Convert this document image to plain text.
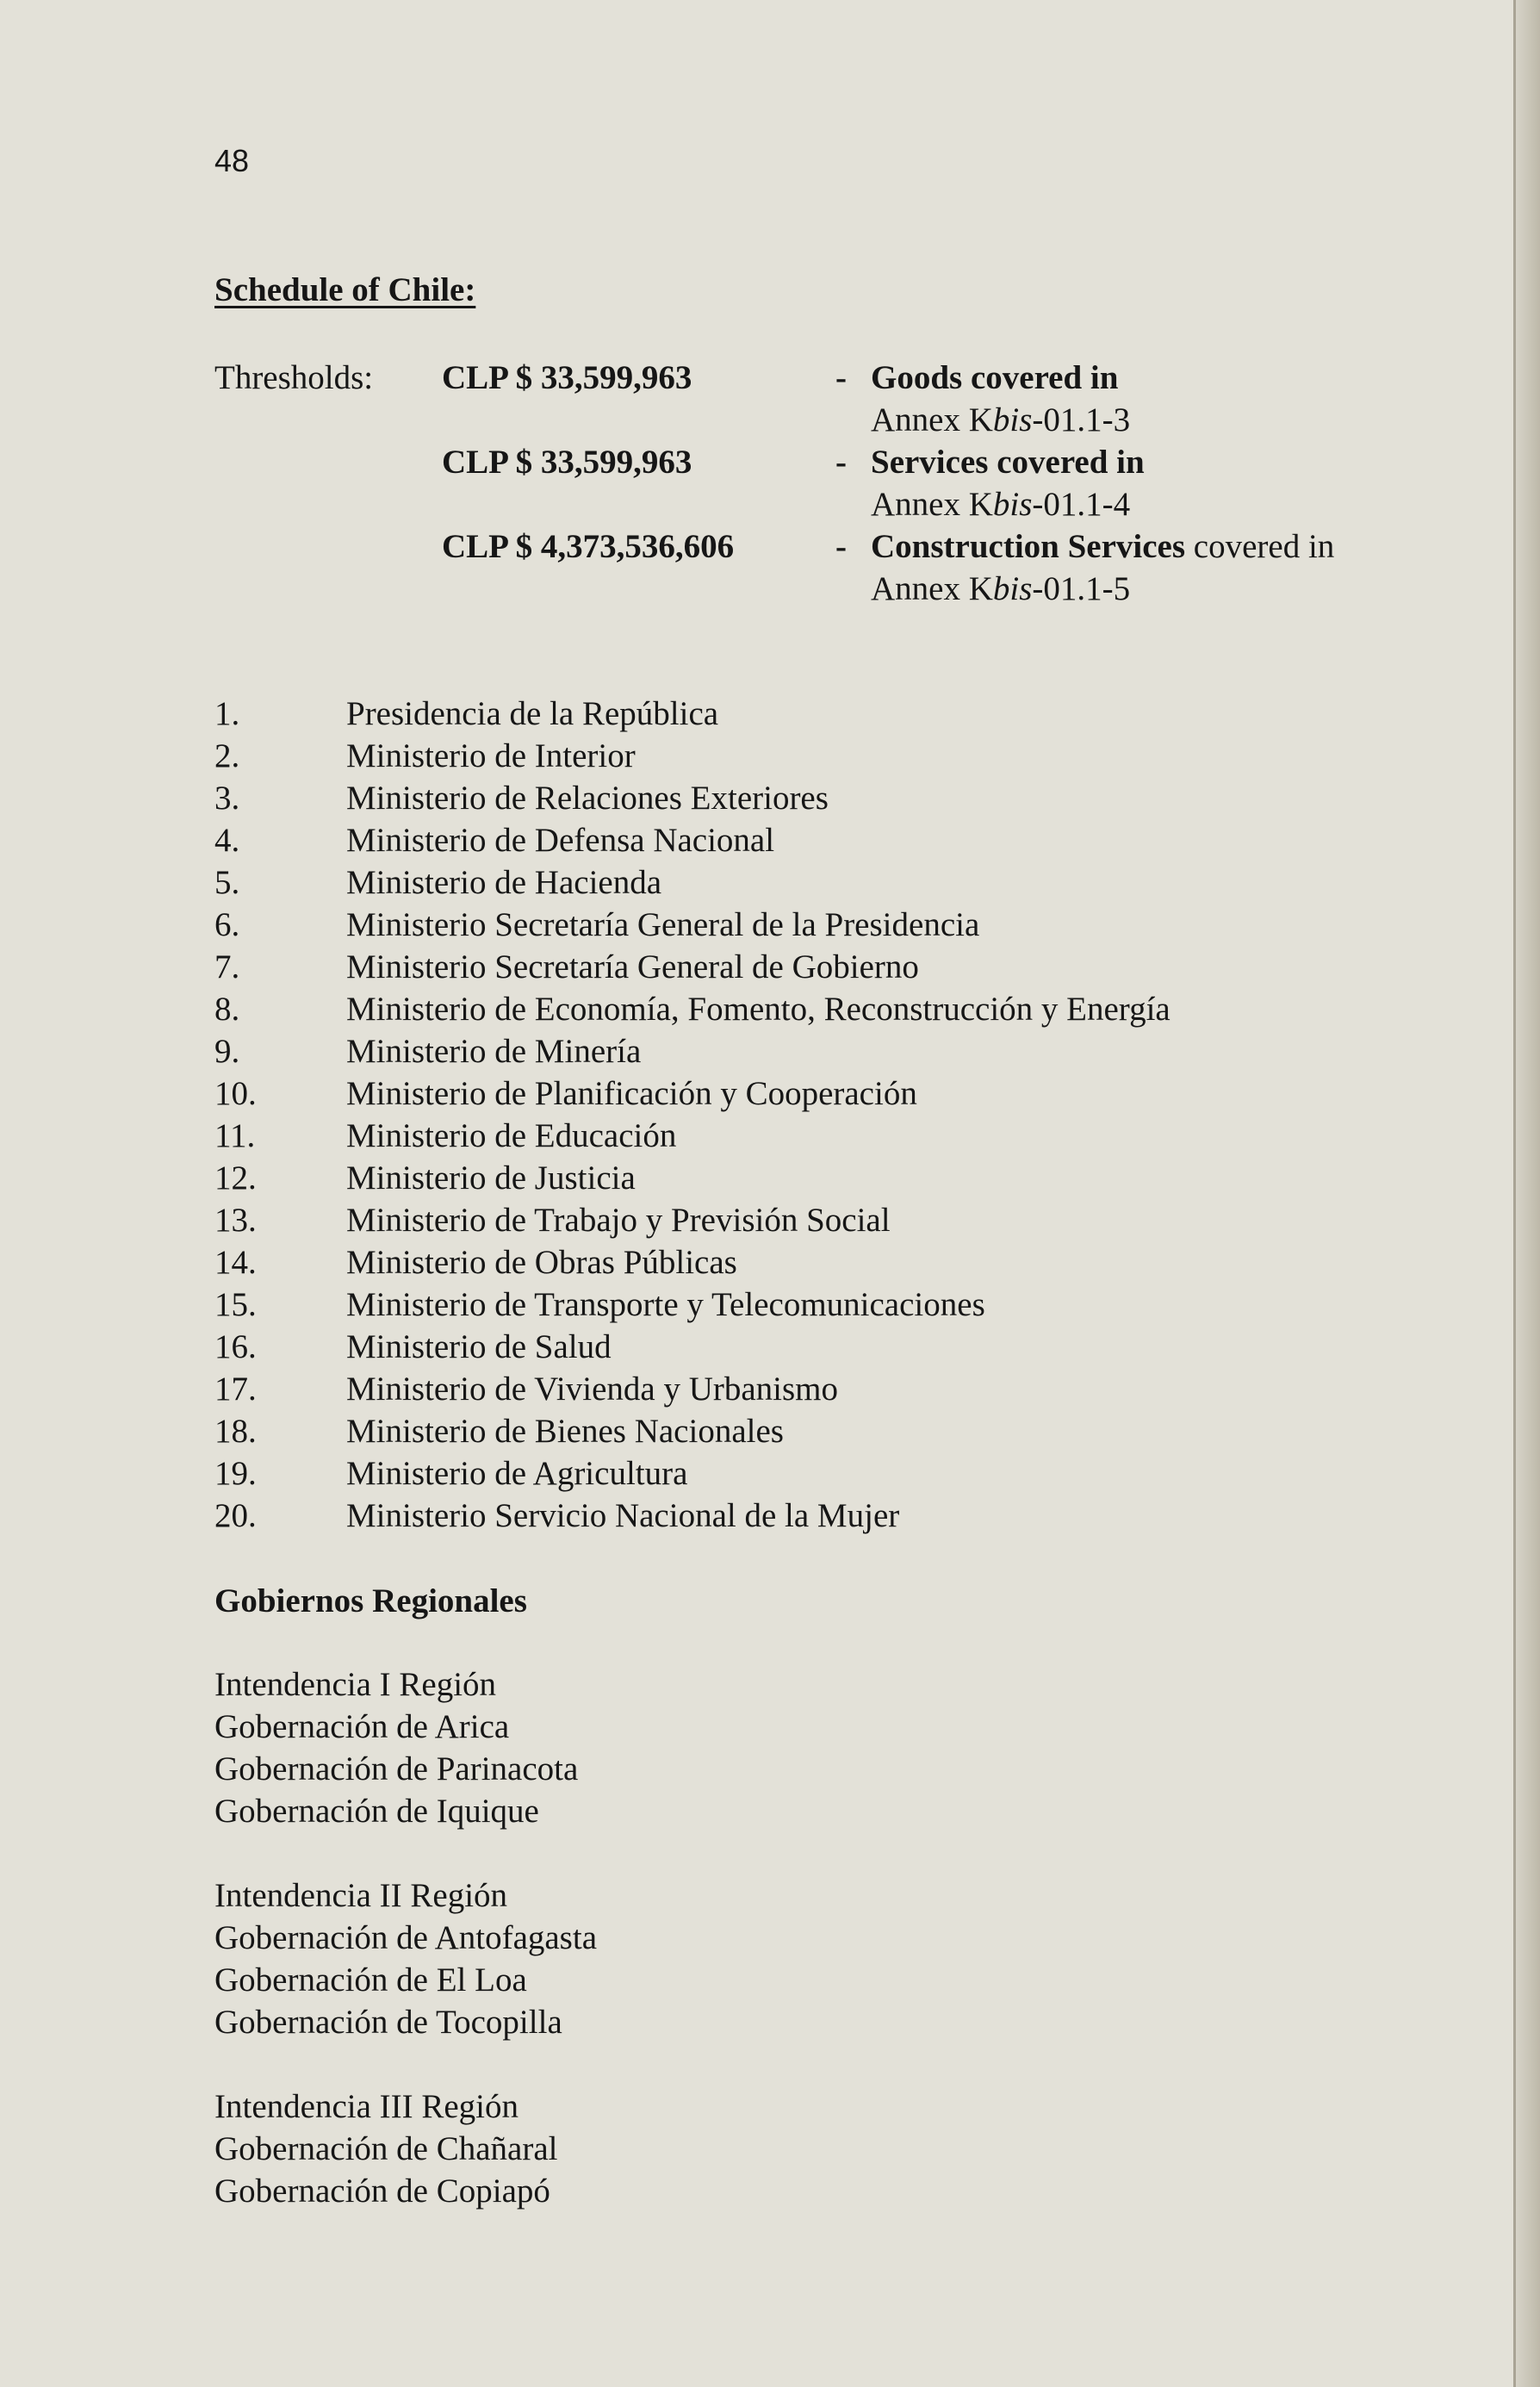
48
Schedule of Chile:
Thresholds: CLP $ 33,599,963	- Goods covered in
Annex Kbis-01.1-3
CLP $ 33,599,963	- Services covered in
Annex Kbis-01.1-4
CLP $ 4,373,536,606	- Construction Services covered in
Annex Kbis-01.1-5
1.	Presidencia de la República
2.	Ministerio de Interior
3.	Ministerio de Relaciones Exteriores
4.	Ministerio de Defensa Nacional
5.	Ministerio de Hacienda
6.	Ministerio Secretaría General de la Presidencia
7.	Ministerio Secretaría General de Gobierno
8.	Ministerio de Economía, Fomento, Reconstrucción y Energía
9.	Ministerio de Minería
10.	Ministerio de Planificación y Cooperación
11.	Ministerio de Educación
12.	Ministerio de Justicia
13.	Ministerio de Trabajo y Previsión Social
14.	Ministerio de Obras Públicas
15.	Ministerio de Transporte y Telecomunicaciones
16.	Ministerio de Salud
17.	Ministerio de Vivienda y Urbanismo
18.	Ministerio de Bienes Nacionales
19.	Ministerio de Agricultura
20.	Ministerio Servicio Nacional de la Mujer
Gobiernos Regionales
Intendencia I Región
Gobernación de Arica
Gobernación de Parinacota
Gobernación de Iquique
Intendencia II Región
Gobernación de Antofagasta
Gobernación de El Loa
Gobernación de Tocopilla
Intendencia III Región
Gobernación de Chañaral
Gobernación de Copiapó
